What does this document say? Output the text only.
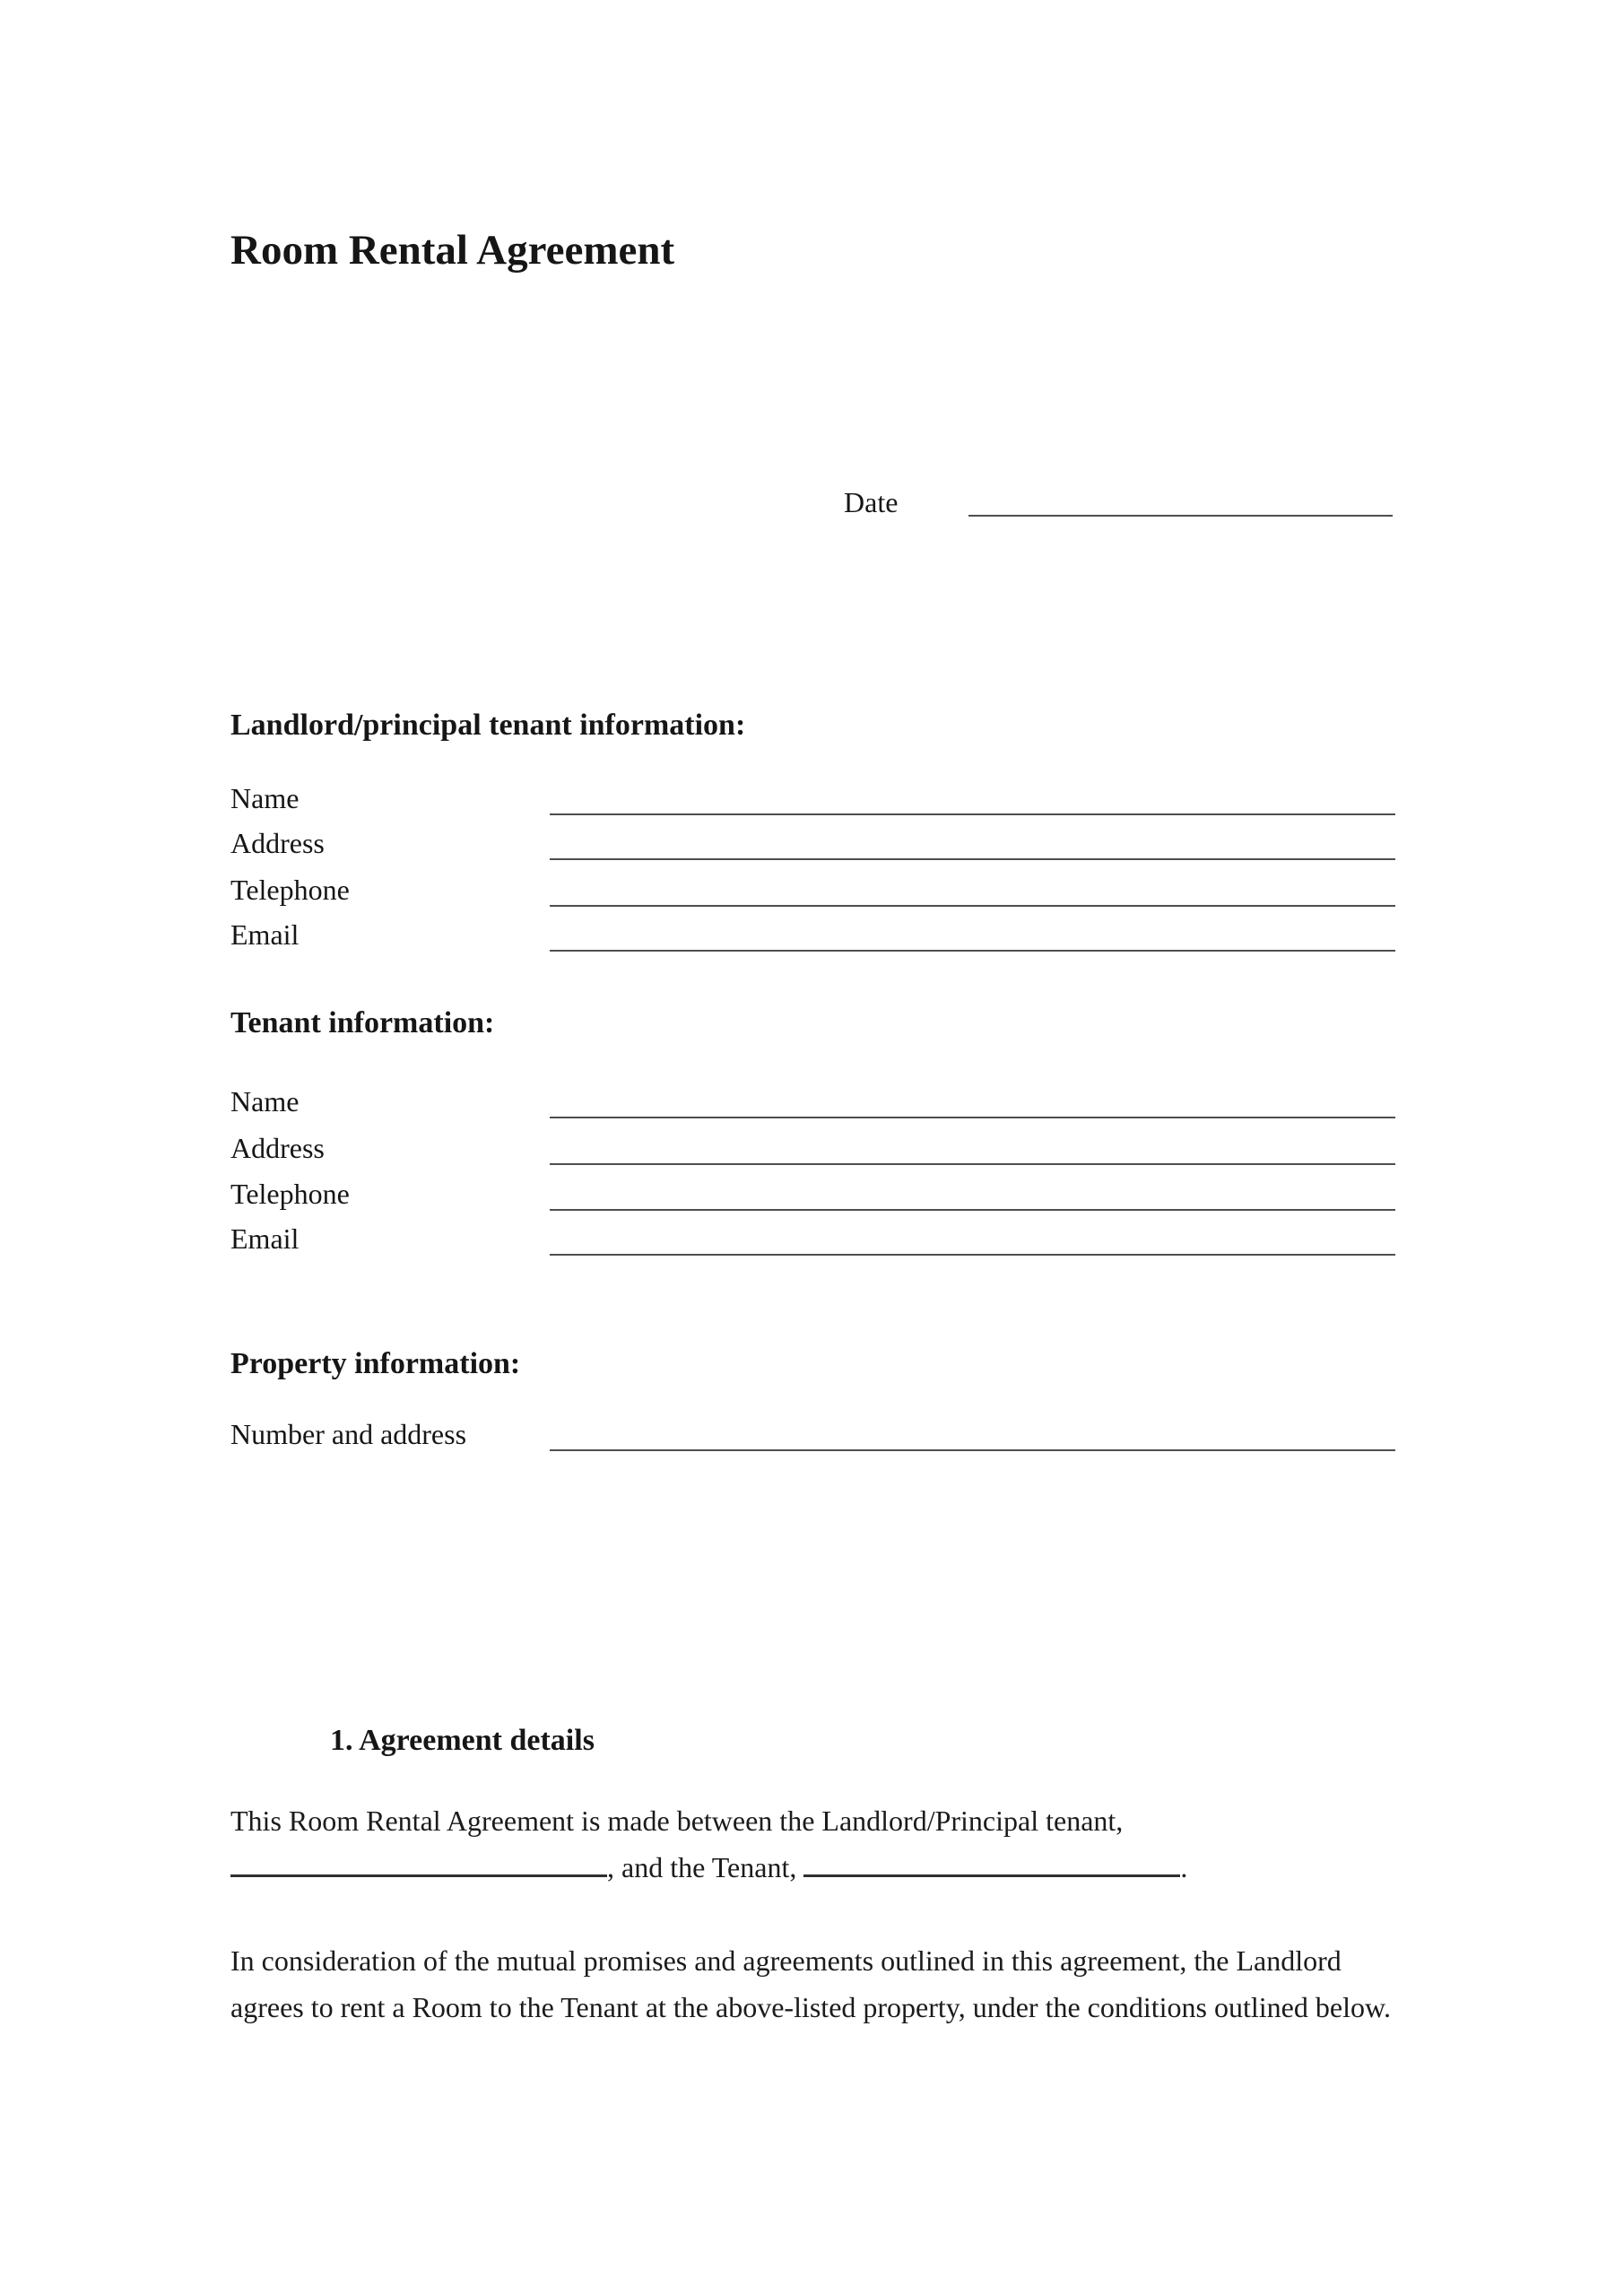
Room Rental Agreement
Date
Landlord/principal tenant information:
Name
Address
Telephone
Email
Tenant information:
Name
Address
Telephone
Email
Property information:
Number and address
1. Agreement details

This Room Rental Agreement is made between the Landlord/Principal tenant, , and the Tenant,	.

In consideration of the mutual promises and agreements outlined in this agreement, the Landlord agrees to rent a Room to the Tenant at the above-listed property, under the conditions outlined below.
